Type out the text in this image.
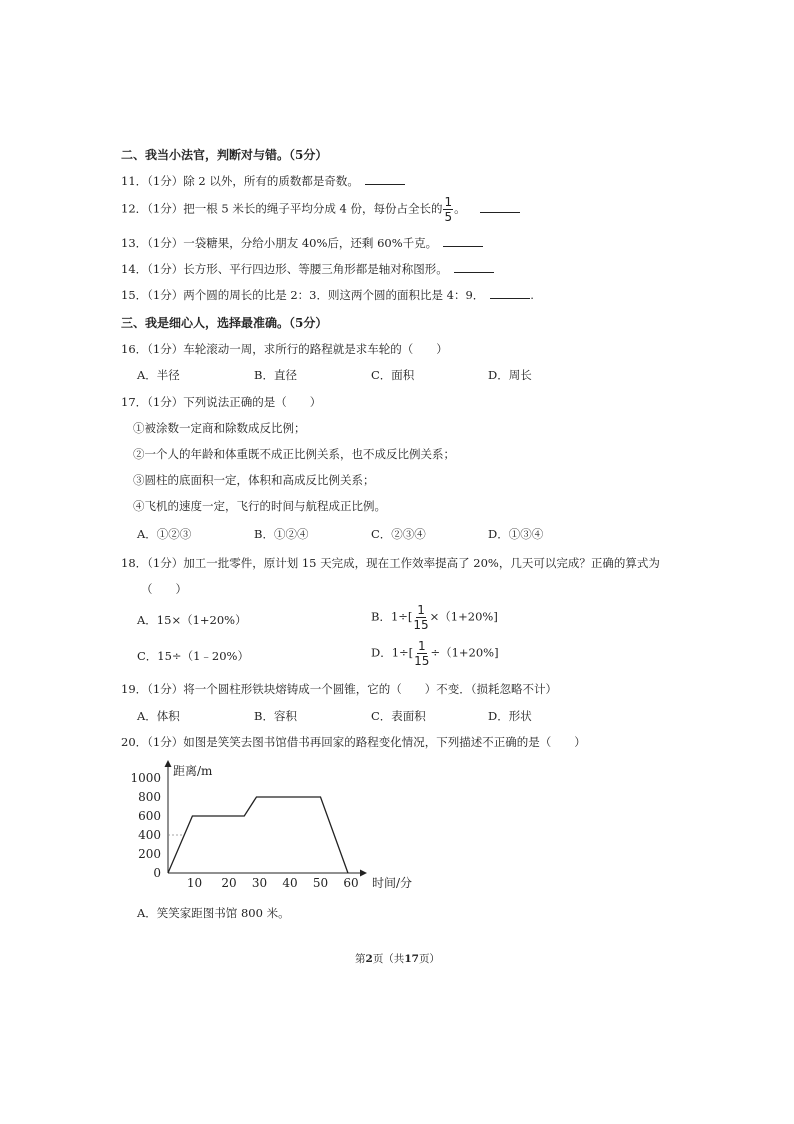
二、我当小法官，判断对与错。（5分）
11．（1分）除 2 以外，所有的质数都是奇数。
12．（1分）把一根 5 米长的绳子平均分成 4 份，每份占全长的 $\frac{1}{5}$ 。
13．（1分）一袋糖果，分给小朋友 40%后，还剩 60%千克。
14．（1分）长方形、平行四边形、等腰三角形都是轴对称图形。
15．（1分）两个圆的周长的比是 2：3．则这两个圆的面积比是 4：9．	.
三、我是细心人，选择最准确。（5分）
16．（1分）车轮滚动一周，求所行的路程就是求车轮的（　　）
A．半径	B．直径	C．面积	D．周长
17．（1分）下列说法正确的是（　　）
①被涂数一定商和除数成反比例；
②一个人的年龄和体重既不成正比例关系，也不成反比例关系；
③圆柱的底面积一定，体积和高成反比例关系；
④飞机的速度一定，飞行的时间与航程成正比例。
A．①②③	B．①②④	C．②③④	D．①③④
18．（1分）加工一批零件，原计划 15 天完成，现在工作效率提高了 20%，几天可以完成？正确的算式为
（　　）
A．15×（1+20%）	B．$1\div[ \frac{1}{15} \times(1+20\%]$
C．15÷（1﹣20%）	D．$1\div[ \frac{1}{15} \div(1+20\%]$
19．（1分）将一个圆柱形铁块熔铸成一个圆锥，它的（　　）不变．（损耗忽略不计）
A．体积	B．容积	C．表面积	D．形状
20．（1分）如图是笑笑去图书馆借书再回家的路程变化情况，下列描述不正确的是（　　）
距离/m
时间/分
0
200
400
600
800
1000
10 20 30 40 50 60
A．笑笑家距图书馆 800 米。
第2页（共17页）
